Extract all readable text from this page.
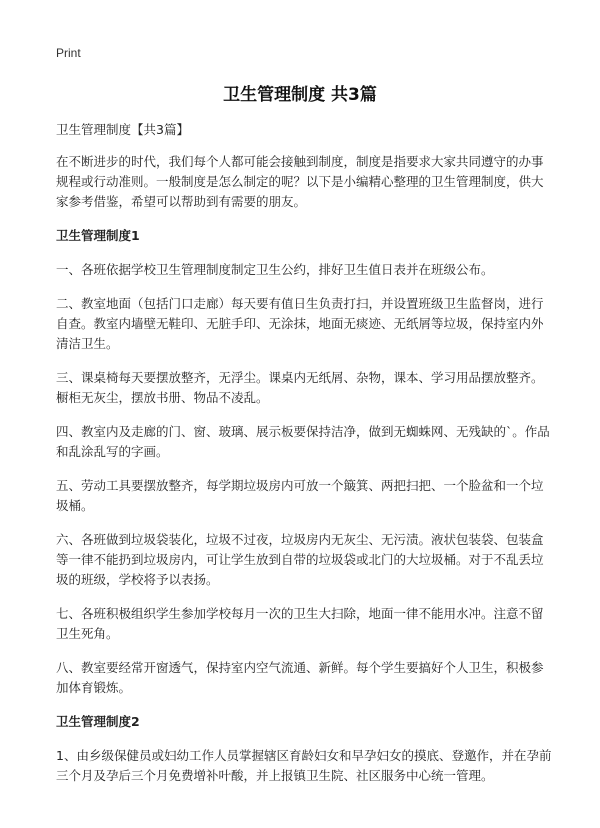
Print
卫生管理制度 共3篇
卫生管理制度【共3篇】
在不断进步的时代，我们每个人都可能会接触到制度，制度是指要求大家共同遵守的办事规程或行动准则。一般制度是怎么制定的呢？以下是小编精心整理的卫生管理制度，供大家参考借鉴，希望可以帮助到有需要的朋友。
卫生管理制度1
一、各班依据学校卫生管理制度制定卫生公约，排好卫生值日表并在班级公布。
二、教室地面（包括门口走廊）每天要有值日生负责打扫，并设置班级卫生监督岗，进行自查。教室内墙壁无鞋印、无脏手印、无涂抹，地面无痰迹、无纸屑等垃圾，保持室内外清洁卫生。
三、课桌椅每天要摆放整齐，无浮尘。课桌内无纸屑、杂物，课本、学习用品摆放整齐。橱柜无灰尘，摆放书册、物品不凌乱。
四、教室内及走廊的门、窗、玻璃、展示板要保持洁净，做到无蜘蛛网、无残缺的`。作品和乱涂乱写的字画。
五、劳动工具要摆放整齐，每学期垃圾房内可放一个簸箕、两把扫把、一个脸盆和一个垃圾桶。
六、各班做到垃圾袋装化，垃圾不过夜，垃圾房内无灰尘、无污渍。液状包装袋、包装盒等一律不能扔到垃圾房内，可让学生放到自带的垃圾袋或北门的大垃圾桶。对于不乱丢垃圾的班级，学校将予以表扬。
七、各班积极组织学生参加学校每月一次的卫生大扫除，地面一律不能用水冲。注意不留卫生死角。
八、教室要经常开窗透气，保持室内空气流通、新鲜。每个学生要搞好个人卫生，积极参加体育锻炼。
卫生管理制度2
1、由乡级保健员或妇幼工作人员掌握辖区育龄妇女和早孕妇女的摸底、登邀作，并在孕前三个月及孕后三个月免费增补叶酸，并上报镇卫生院、社区服务中心统一管理。
